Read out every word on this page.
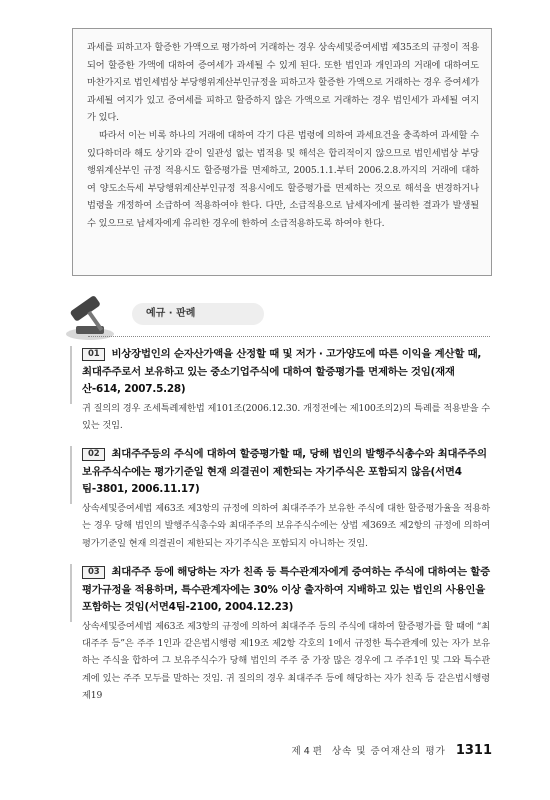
과세를 피하고자 할증한 가액으로 평가하여 거래하는 경우 상속세및증여세법 제35조의 규정이 적용되어 할증한 가액에 대하여 증여세가 과세될 수 있게 된다. 또한 법인과 개인과의 거래에 대하여도 마찬가지로 법인세법상 부당행위계산부인규정을 피하고자 할증한 가액으로 거래하는 경우 증여세가 과세될 여지가 있고 증여세를 피하고 할증하지 않은 가액으로 거래하는 경우 법인세가 과세될 여지가 있다.

따라서 이는 비록 하나의 거래에 대하여 각기 다른 법령에 의하여 과세요건을 충족하여 과세할 수 있다하더라 해도 상기와 같이 일관성 없는 법적용 및 해석은 합리적이지 않으므로 법인세법상 부당행위계산부인 규정 적용시도 할증평가를 면제하고, 2005.1.1.부터 2006.2.8.까지의 거래에 대하여 양도소득세 부당행위계산부인규정 적용시에도 할증평가를 면제하는 것으로 해석을 변경하거나 법령을 개정하여 소급하여 적용하여야 한다. 다만, 소급적용으로 납세자에게 불리한 결과가 발생될 수 있으므로 납세자에게 유리한 경우에 한하여 소급적용하도록 하여야 한다.

예규 · 판례

01 비상장법인의 순자산가액을 산정할 때 및 저가 · 고가양도에 따른 이익을 계산할 때, 최대주주로서 보유하고 있는 중소기업주식에 대하여 할증평가를 면제하는 것임(재재산-614, 2007.5.28)

귀 질의의 경우 조세특례제한법 제101조(2006.12.30. 개정전에는 제100조의2)의 특례를 적용받을 수 있는 것임.

02 최대주주등의 주식에 대하여 할증평가할 때, 당해 법인의 발행주식총수와 최대주주의 보유주식수에는 평가기준일 현재 의결권이 제한되는 자기주식은 포함되지 않음(서면4팀-3801, 2006.11.17)

상속세및증여세법 제63조 제3항의 규정에 의하여 최대주주가 보유한 주식에 대한 할증평가율을 적용하는 경우 당해 법인의 발행주식총수와 최대주주의 보유주식수에는 상법 제369조 제2항의 규정에 의하여 평가기준일 현재 의결권이 제한되는 자기주식은 포함되지 아니하는 것임.

03 최대주주 등에 해당하는 자가 친족 등 특수관계자에게 증여하는 주식에 대하여는 할증평가규정을 적용하며, 특수관계자에는 30% 이상 출자하여 지배하고 있는 법인의 사용인을 포함하는 것임(서면4팀-2100, 2004.12.23)

상속세및증여세법 제63조 제3항의 규정에 의하여 최대주주 등의 주식에 대하여 할증평가를 할 때에 “최대주주 등”은 주주 1인과 같은법시행령 제19조 제2항 각호의 1에서 규정한 특수관계에 있는 자가 보유하는 주식을 합하여 그 보유주식수가 당해 법인의 주주 중 가장 많은 경우에 그 주주1인 및 그와 특수관계에 있는 주주 모두를 말하는 것임. 귀 질의의 경우 최대주주 등에 해당하는 자가 친족 등 같은법시행령 제19

제 4 편 상속 및 증여재산의 평가 1311
